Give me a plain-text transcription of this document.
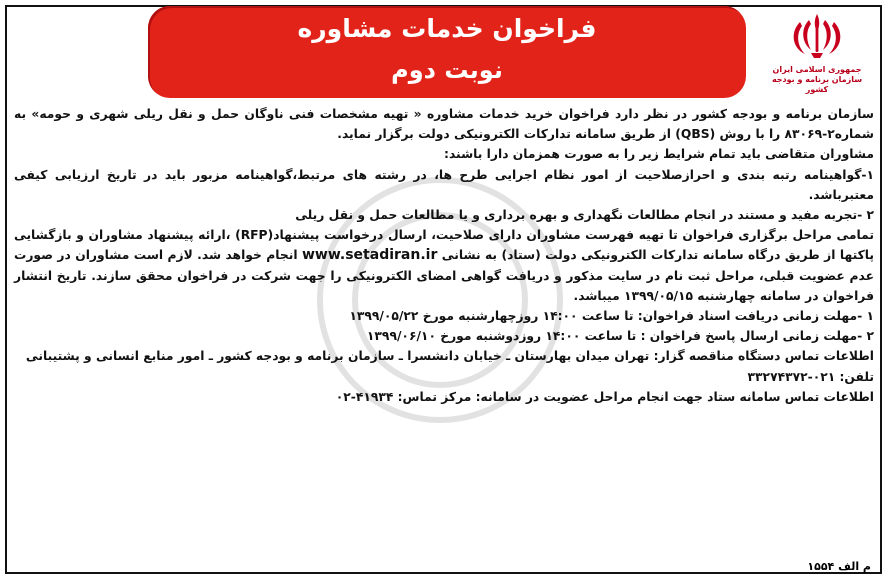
فراخوان خدمات مشاوره
نوبت دوم	جمهوری اسلامی ایران
سازمان برنامه و بودجه کشور

سازمان برنامه و بودجه کشور در نظر دارد فراخوان خرید خدمات مشاوره « تهیه مشخصات فنی ناوگان حمل و نقل ریلی شهری و حومه» به شماره۲-۸۳۰۶۹ را با روش (QBS) از طریق سامانه تدارکات الکترونیکی دولت برگزار نماید.

مشاوران متقاضی باید تمام شرایط زیر را به صورت همزمان دارا باشند:

۱-گواهینامه رتبه بندی و احرازصلاحیت از امور نظام اجرایی طرح ها، در رشته های مرتبط،گواهینامه مزبور باید در تاریخ ارزیابی کیفی معتبرباشد.

۲ -تجربه مفید و مستند در انجام مطالعات نگهداری و بهره برداری و یا مطالعات حمل و نقل ریلی

تمامی مراحل برگزاری فراخوان تا تهیه فهرست مشاوران دارای صلاحیت، ارسال درخواست پیشنهاد(RFP) ،ارائه پیشنهاد مشاوران و بازگشایی پاکتها از طریق درگاه سامانه تدارکات الکترونیکی دولت (ستاد) به نشانی www.setadiran.ir انجام خواهد شد. لازم است مشاوران در صورت عدم عضویت قبلی، مراحل ثبت نام در سایت مذکور و دریافت گواهی امضای الکترونیکی را جهت شرکت در فراخوان محقق سازند. تاریخ انتشار فراخوان در سامانه چهارشنبه ۱۳۹۹/۰۵/۱۵ میباشد.

۱ -مهلت زمانی دریافت اسناد فراخوان: تا ساعت ۱۴:۰۰ روزچهارشنبه مورخ ۱۳۹۹/۰۵/۲۲

۲ -مهلت زمانی ارسال پاسخ فراخوان : تا ساعت ۱۴:۰۰ روزدوشنبه مورخ ۱۳۹۹/۰۶/۱۰

اطلاعات تماس دستگاه مناقصه گزار: تهران میدان بهارستان ـ خیابان دانشسرا ـ سازمان برنامه و بودجه کشور ـ امور منابع انسانی و پشتیبانی

تلفن: ۰۲۱-۳۳۲۷۴۳۷۲

اطلاعات تماس سامانه ستاد جهت انجام مراحل عضویت در سامانه: مرکز تماس: ۴۱۹۳۴-۰۲

م الف ۱۵۵۴
